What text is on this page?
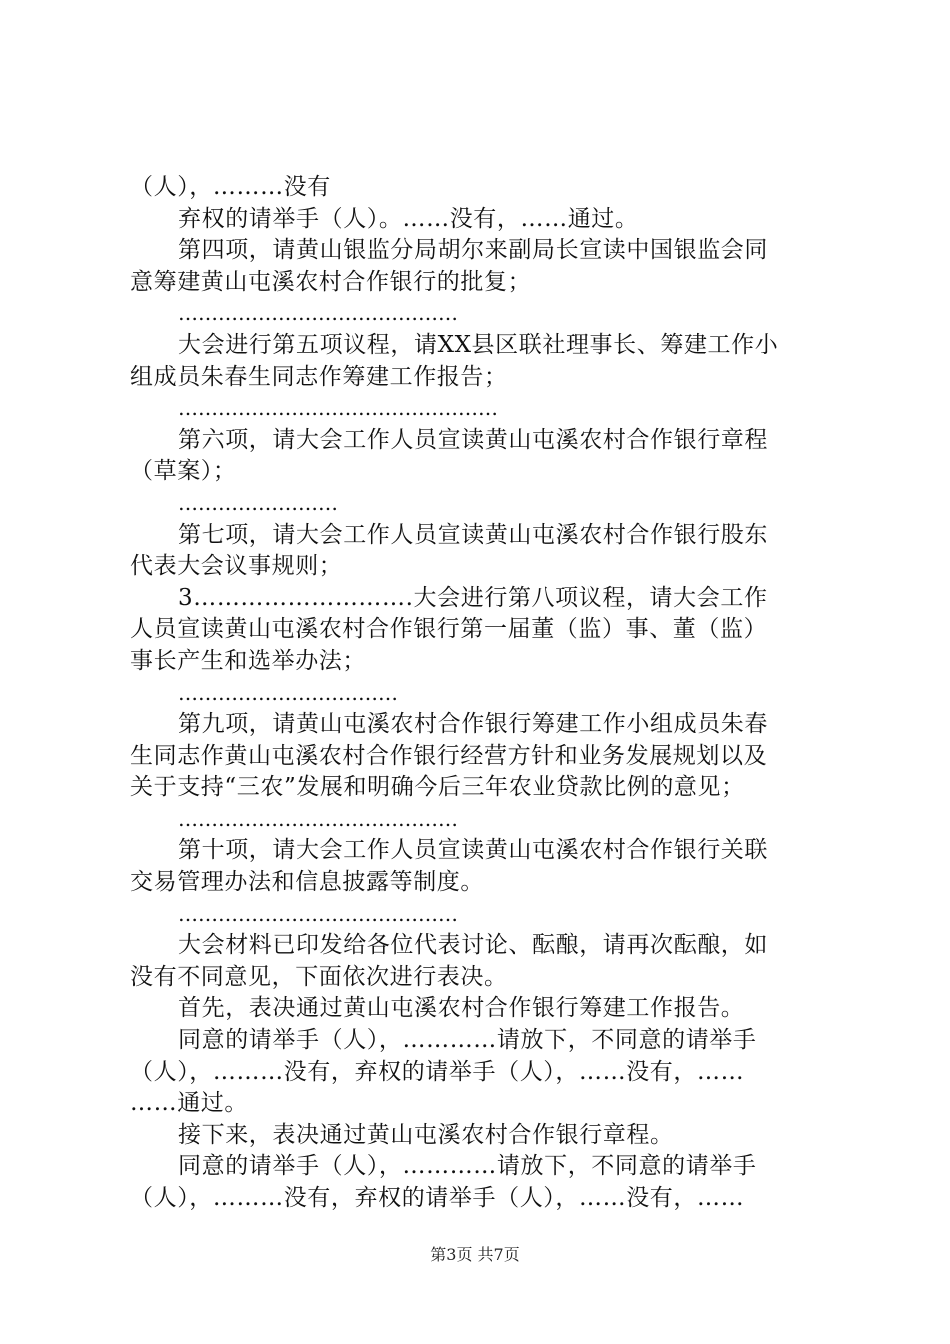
（人），………没有
弃权的请举手（人）。……没有，……通过。
第四项，请黄山银监分局胡尔来副局长宣读中国银监会同
意筹建黄山屯溪农村合作银行的批复；
……………………………………
大会进行第五项议程，请XX县区联社理事长、筹建工作小
组成员朱春生同志作筹建工作报告；
…………………………………………
第六项，请大会工作人员宣读黄山屯溪农村合作银行章程
（草案）；
……………………
第七项，请大会工作人员宣读黄山屯溪农村合作银行股东
代表大会议事规则；
3……………………….大会进行第八项议程，请大会工作
人员宣读黄山屯溪农村合作银行第一届董（监）事、董（监）
事长产生和选举办法；
……………………………
第九项，请黄山屯溪农村合作银行筹建工作小组成员朱春
生同志作黄山屯溪农村合作银行经营方针和业务发展规划以及
关于支持“三农”发展和明确今后三年农业贷款比例的意见；
……………………………………
第十项，请大会工作人员宣读黄山屯溪农村合作银行关联
交易管理办法和信息披露等制度。
……………………………………
大会材料已印发给各位代表讨论、酝酿，请再次酝酿，如
没有不同意见，下面依次进行表决。
首先，表决通过黄山屯溪农村合作银行筹建工作报告。
同意的请举手（人），…………请放下，不同意的请举手
（人），………没有，弃权的请举手（人），……没有，……
……通过。
接下来，表决通过黄山屯溪农村合作银行章程。
同意的请举手（人），…………请放下，不同意的请举手
（人），………没有，弃权的请举手（人），……没有，……
第3页 共7页
